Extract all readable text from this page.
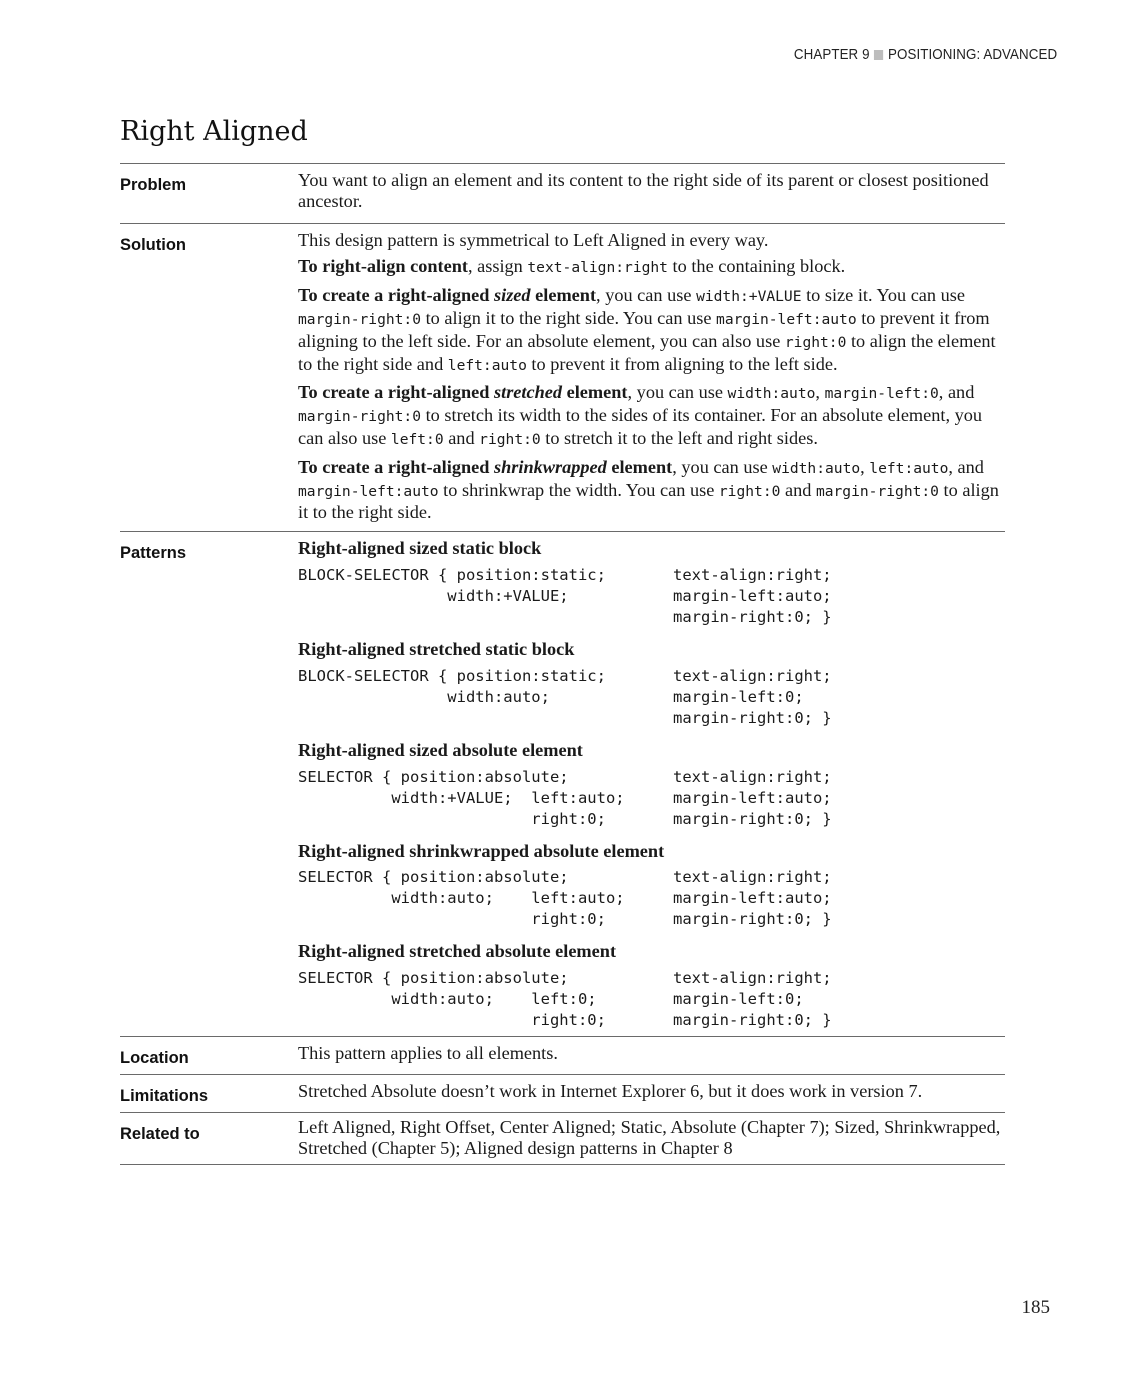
CHAPTER 9 POSITIONING: ADVANCED
Right Aligned
Problem	You want to align an element and its content to the right side of its parent or closest positioned ancestor.

Solution	This design pattern is symmetrical to Left Aligned in every way.

To right-align content, assign text-align:right to the containing block.

To create a right-aligned sized element, you can use width:+VALUE to size it. You can use margin-right:0 to align it to the right side. You can use margin-left:auto to prevent it from aligning to the left side. For an absolute element, you can also use right:0 to align the element to the right side and left:auto to prevent it from aligning to the left side.

To create a right-aligned stretched element, you can use width:auto, margin-left:0, and margin-right:0 to stretch its width to the sides of its container. For an absolute element, you can also use left:0 and right:0 to stretch it to the left and right sides.

To create a right-aligned shrinkwrapped element, you can use width:auto, left:auto, and margin-left:auto to shrinkwrap the width. You can use right:0 and margin-right:0 to align it to the right side.

Patterns	Right-aligned sized static block

BLOCK-SELECTOR { position:static;	text-align:right;
width:+VALUE;	margin-left:auto;
margin-right:0; }

Right-aligned stretched static block

BLOCK-SELECTOR { position:static;	text-align:right;
width:auto;	margin-left:0;
margin-right:0; }

Right-aligned sized absolute element

SELECTOR { position:absolute;	text-align:right;
width:+VALUE;  left:auto;	margin-left:auto;
right:0;	margin-right:0; }

Right-aligned shrinkwrapped absolute element

SELECTOR { position:absolute;	text-align:right;
width:auto;    left:auto;	margin-left:auto;
right:0;	margin-right:0; }

Right-aligned stretched absolute element

SELECTOR { position:absolute;	text-align:right;
width:auto;    left:0;	margin-left:0;
right:0;	margin-right:0; }
Location	This pattern applies to all elements.

Limitations	Stretched Absolute doesn’t work in Internet Explorer 6, but it does work in version 7.

Related to	Left Aligned, Right Offset, Center Aligned; Static, Absolute (Chapter 7); Sized, Shrinkwrapped, Stretched (Chapter 5); Aligned design patterns in Chapter 8

185
